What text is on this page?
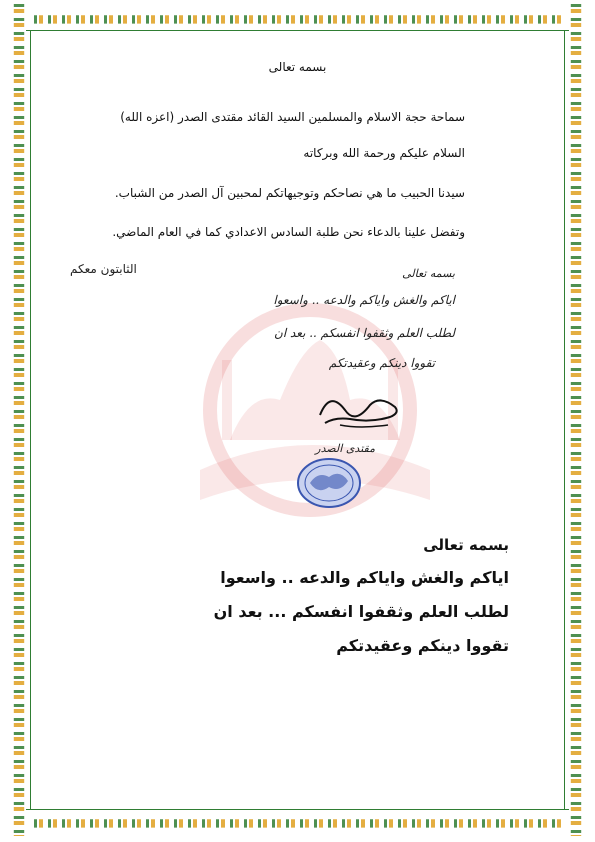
بسمه تعالى
سماحة حجة الاسلام والمسلمين السيد القائد مقتدى الصدر (اعزه الله)
السلام عليكم ورحمة الله وبركاته
سيدنا الحبيب ما هي نصاحكم وتوجيهاتكم لمحبين آل الصدر من الشباب.
وتفضل علينا بالدعاء نحن طلبة السادس الاعدادي كما في العام الماضي.
الثابتون معكم	بسمه تعالى
اياكم والغش واياكم والدعه .. واسعوا
لطلب العلم وثقفوا انفسكم .. بعد ان
تقووا دينكم وعقيدتكم
مقتدى الصدر
بسمه تعالى
اياكم والغش واياكم والدعه .. واسعوا
لطلب العلم وثقفوا انفسكم ... بعد ان
تقووا دينكم وعقيدتكم
